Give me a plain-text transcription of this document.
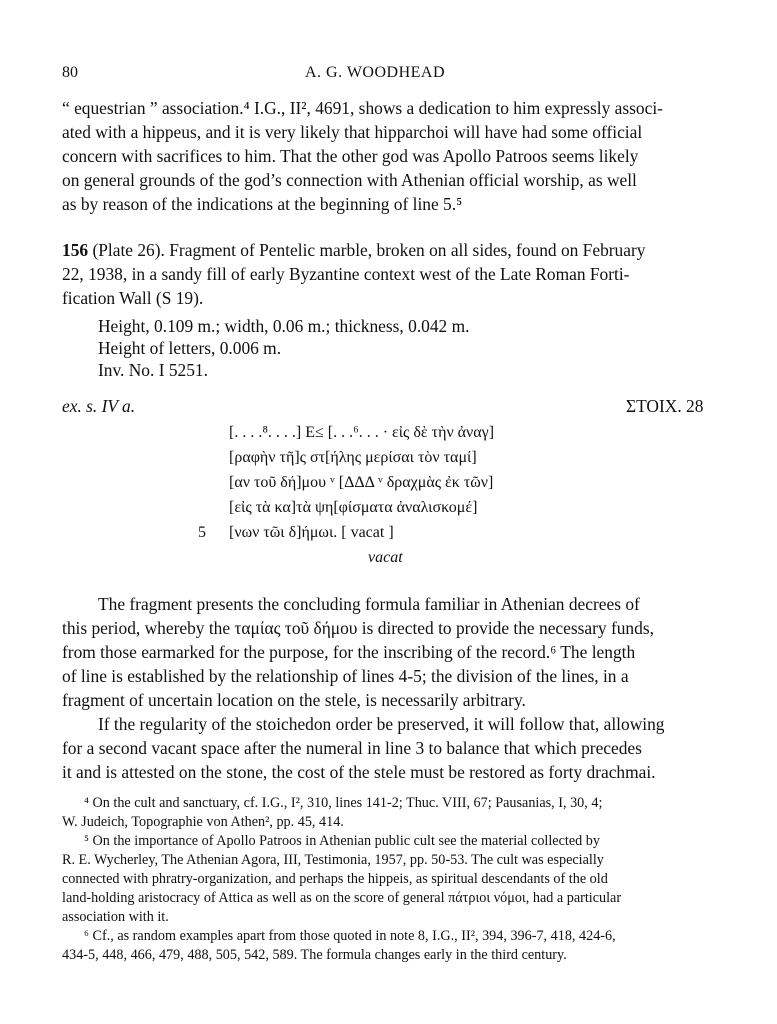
80	A. G. WOODHEAD
“ equestrian ” association.⁴ I.G., II², 4691, shows a dedication to him expressly associ-
ated with a hippeus, and it is very likely that hipparchoi will have had some official
concern with sacrifices to him. That the other god was Apollo Patroos seems likely
on general grounds of the god’s connection with Athenian official worship, as well
as by reason of the indications at the beginning of line 5.⁵
156 (Plate 26). Fragment of Pentelic marble, broken on all sides, found on February
22, 1938, in a sandy fill of early Byzantine context west of the Late Roman Forti-
fication Wall (S 19).
Height, 0.109 m.; width, 0.06 m.; thickness, 0.042 m.
Height of letters, 0.006 m.
Inv. No. I 5251.
ex. s. IV a.	ΣΤΟΙΧ. 28
[. . . .⁸. . . .] Ε≤ [. . .⁶. . . · εἰς δὲ τὴν ἀναγ]
[ραφὴν τῆ]ς στ[ήλης μερίσαι τὸν ταμί]
[αν τοῦ δή]μου ᵛ [ΔΔΔ ᵛ δραχμὰς ἐκ τῶν]
[εἰς τὰ κα]τὰ ψη[φίσματα ἀναλισκομέ]
5 [νων τῶι δ]ήμωι. [ vacat ]
vacat
The fragment presents the concluding formula familiar in Athenian decrees of
this period, whereby the ταμίας τοῦ δήμου is directed to provide the necessary funds,
from those earmarked for the purpose, for the inscribing of the record.⁶ The length
of line is established by the relationship of lines 4-5; the division of the lines, in a
fragment of uncertain location on the stele, is necessarily arbitrary.
If the regularity of the stoichedon order be preserved, it will follow that, allowing
for a second vacant space after the numeral in line 3 to balance that which precedes
it and is attested on the stone, the cost of the stele must be restored as forty drachmai.
⁴ On the cult and sanctuary, cf. I.G., I², 310, lines 141-2; Thuc. VIII, 67; Pausanias, I, 30, 4;
W. Judeich, Topographie von Athen², pp. 45, 414.
⁵ On the importance of Apollo Patroos in Athenian public cult see the material collected by
R. E. Wycherley, The Athenian Agora, III, Testimonia, 1957, pp. 50-53. The cult was especially
connected with phratry-organization, and perhaps the hippeis, as spiritual descendants of the old
land-holding aristocracy of Attica as well as on the score of general πάτριοι νόμοι, had a particular
association with it.
⁶ Cf., as random examples apart from those quoted in note 8, I.G., II², 394, 396-7, 418, 424-6,
434-5, 448, 466, 479, 488, 505, 542, 589. The formula changes early in the third century.
